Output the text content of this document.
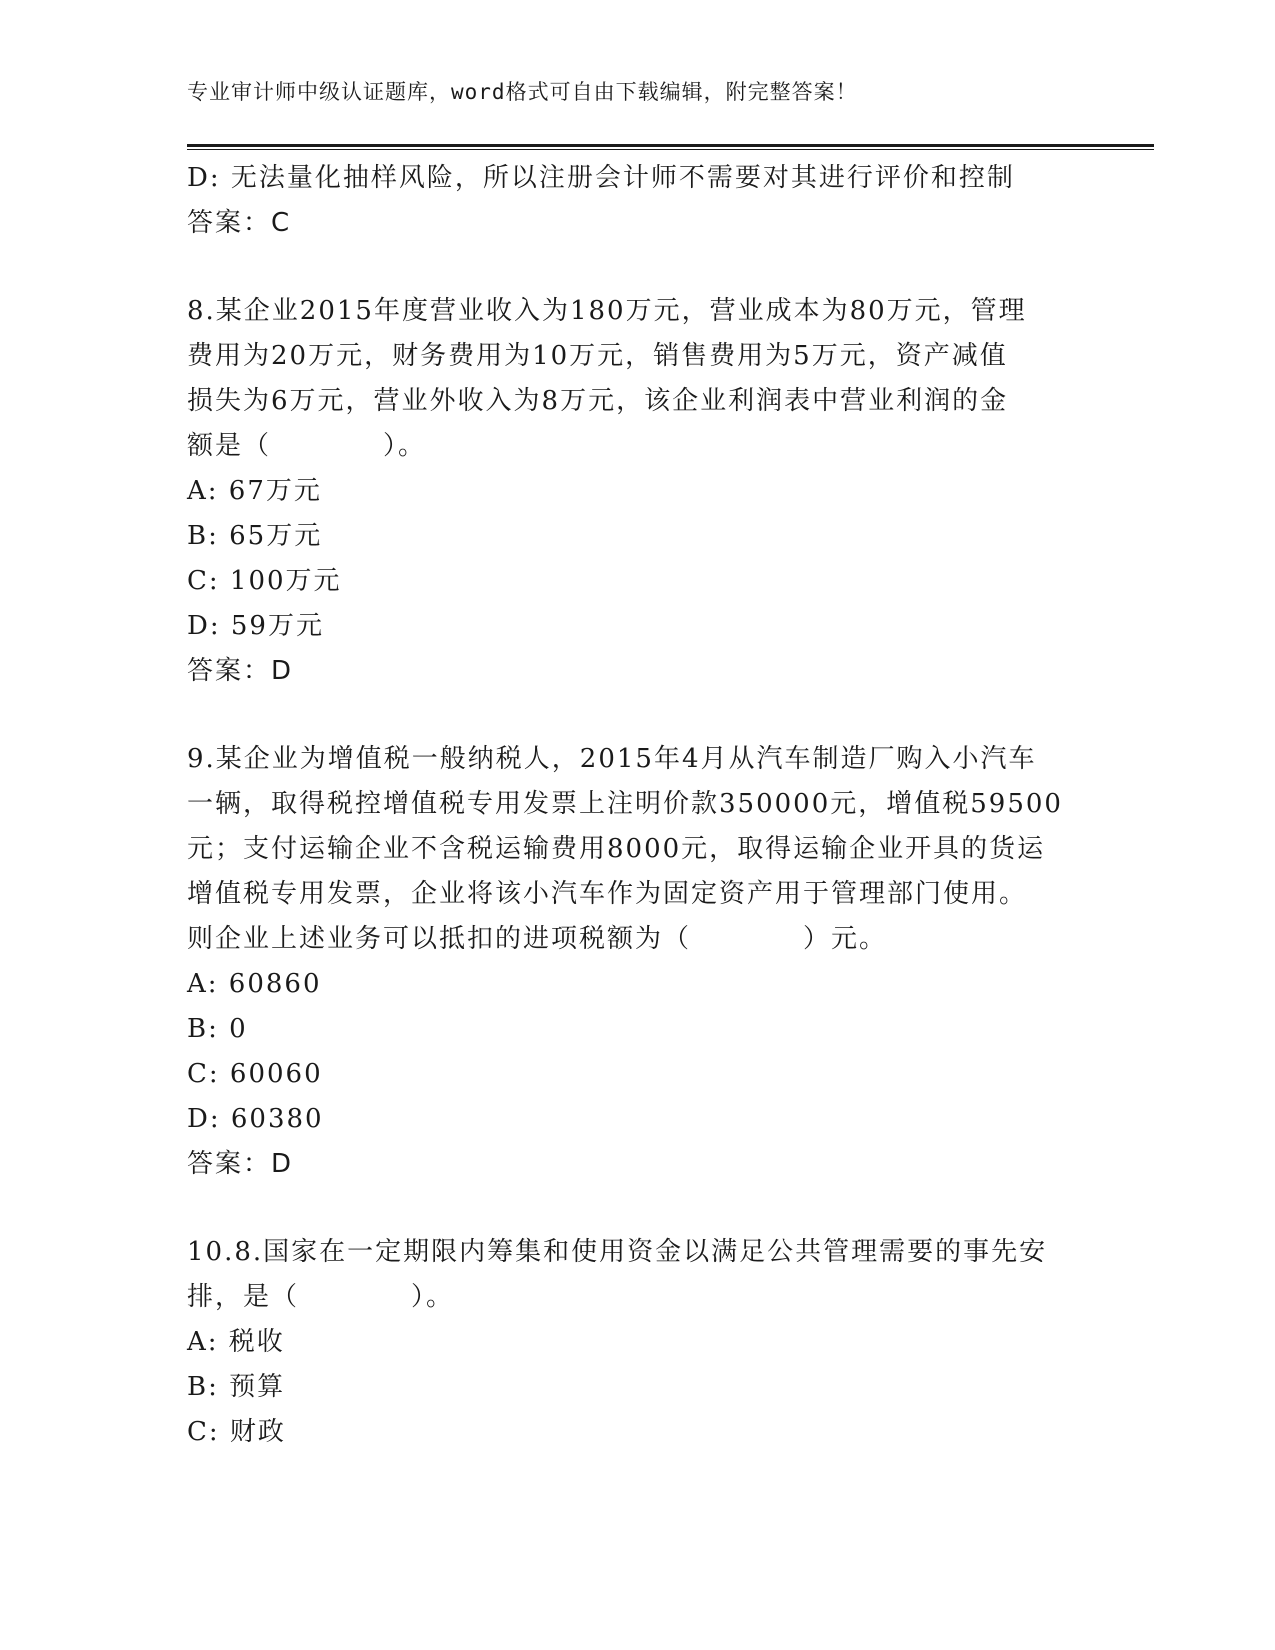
专业审计师中级认证题库，word格式可自由下载编辑，附完整答案！
D: 无法量化抽样风险，所以注册会计师不需要对其进行评价和控制
答案：C
8.某企业2015年度营业收入为180万元，营业成本为80万元，管理
费用为20万元，财务费用为10万元，销售费用为5万元，资产减值
损失为6万元，营业外收入为8万元，该企业利润表中营业利润的金
额是（　　　　）。
A: 67万元
B: 65万元
C: 100万元
D: 59万元
答案：D
9.某企业为增值税一般纳税人，2015年4月从汽车制造厂购入小汽车
一辆，取得税控增值税专用发票上注明价款350000元，增值税59500
元；支付运输企业不含税运输费用8000元，取得运输企业开具的货运
增值税专用发票，企业将该小汽车作为固定资产用于管理部门使用。
则企业上述业务可以抵扣的进项税额为（　　　　）元。
A: 60860
B: 0
C: 60060
D: 60380
答案：D
10.8.国家在一定期限内筹集和使用资金以满足公共管理需要的事先安
排，是（　　　　）。
A: 税收
B: 预算
C: 财政
